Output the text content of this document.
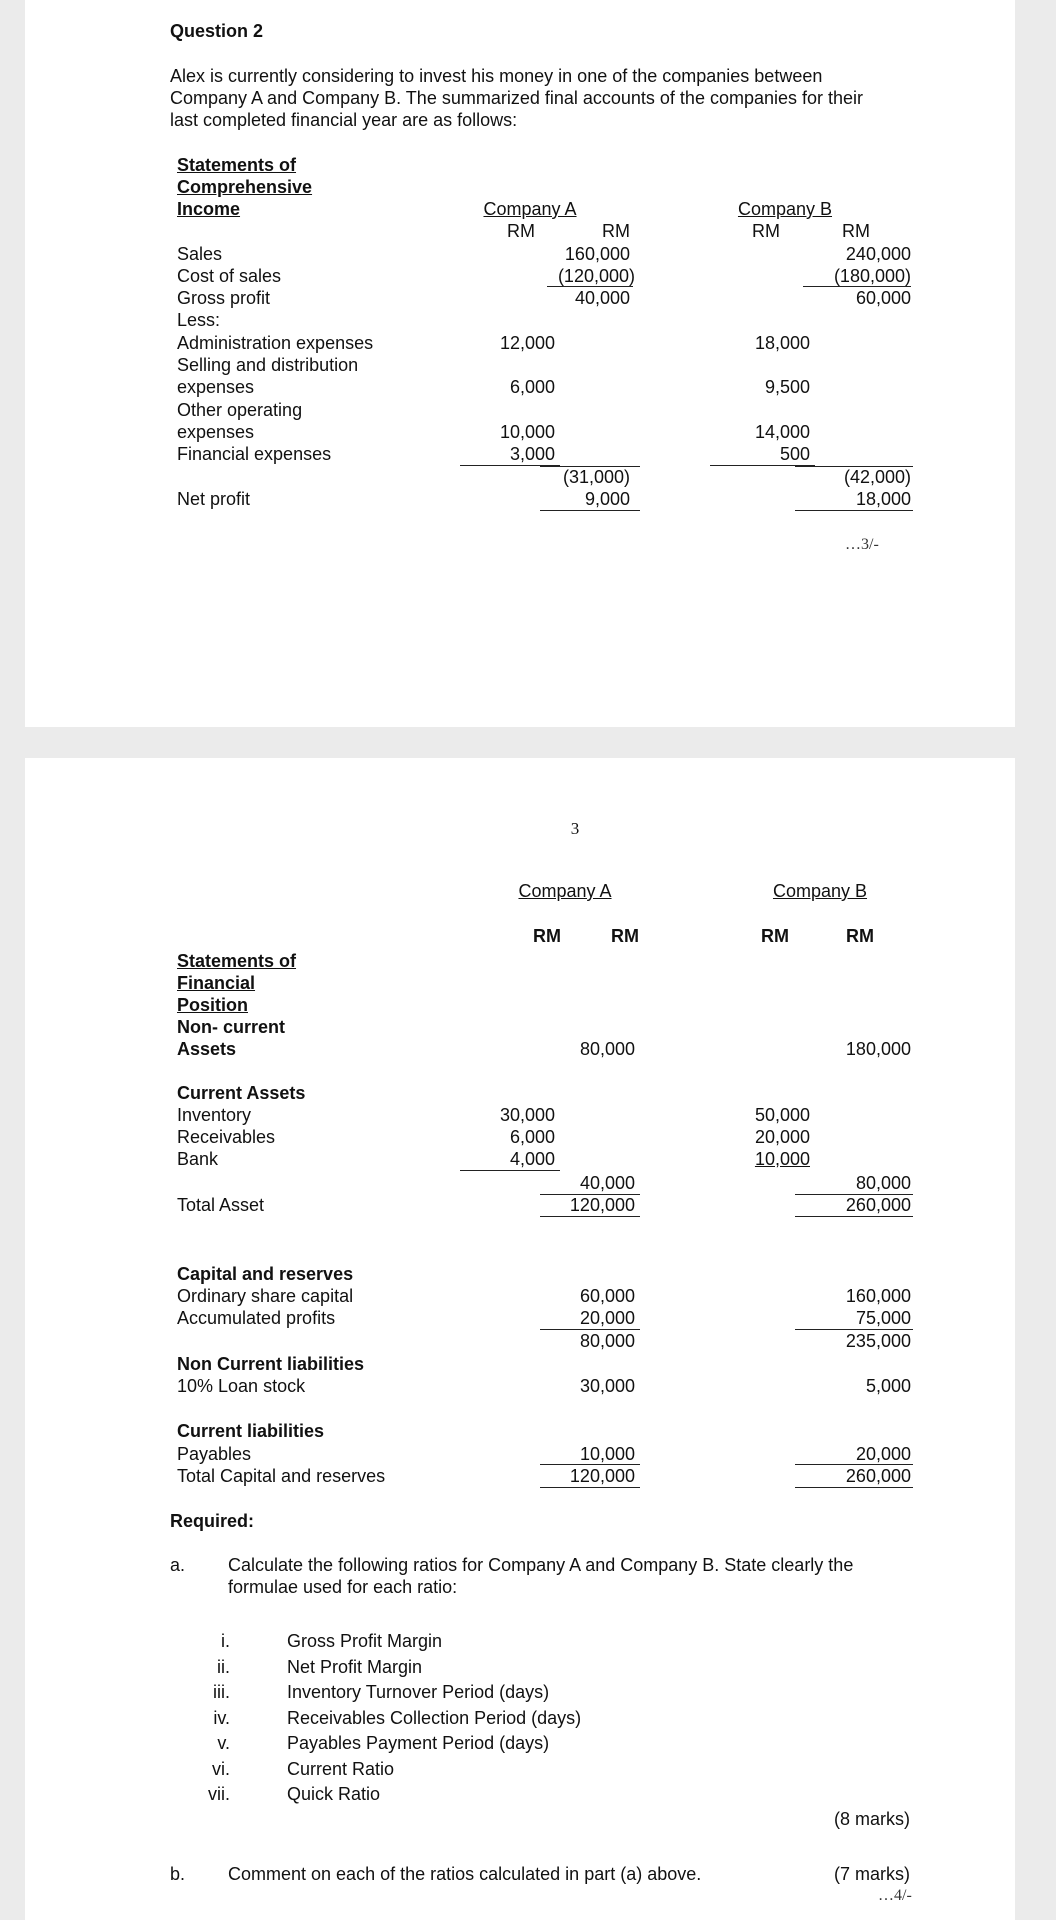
Question 2
Alex is currently considering to invest his money in one of the companies between
Company A and Company B. The summarized final accounts of the companies for their
last completed financial year are as follows:
Statements of
Comprehensive
Income	Company A	Company B
RM	RM	RM	RM
Sales	160,000	240,000
Cost of sales	(120,000)	(180,000)
Gross profit	40,000	60,000
Less:
Administration expenses	12,000	18,000
Selling and distribution
expenses	6,000	9,500
Other operating
expenses	10,000	14,000
Financial expenses	3,000	500
(31,000)	(42,000)
Net profit	9,000	18,000
…3/-
3
Company A	Company B
RM	RM	RM	RM
Statements of
Financial
Position
Non- current
Assets	80,000	180,000
Current Assets
Inventory	30,000	50,000
Receivables	6,000	20,000
Bank	4,000	10,000
40,000	80,000
Total Asset	120,000	260,000
Capital and reserves
Ordinary share capital	60,000	160,000
Accumulated profits	20,000	75,000
80,000	235,000
Non Current liabilities
10% Loan stock	30,000	5,000
Current liabilities
Payables	10,000	20,000
Total Capital and reserves	120,000	260,000
Required:
a. Calculate the following ratios for Company A and Company B. State clearly the
formulae used for each ratio:
i.	Gross Profit Margin
ii.	Net Profit Margin
iii.	Inventory Turnover Period (days)
iv.	Receivables Collection Period (days)
v.	Payables Payment Period (days)
vi.	Current Ratio
vii.	Quick Ratio
(8 marks)
b. Comment on each of the ratios calculated in part (a) above.	(7 marks)
…4/-
